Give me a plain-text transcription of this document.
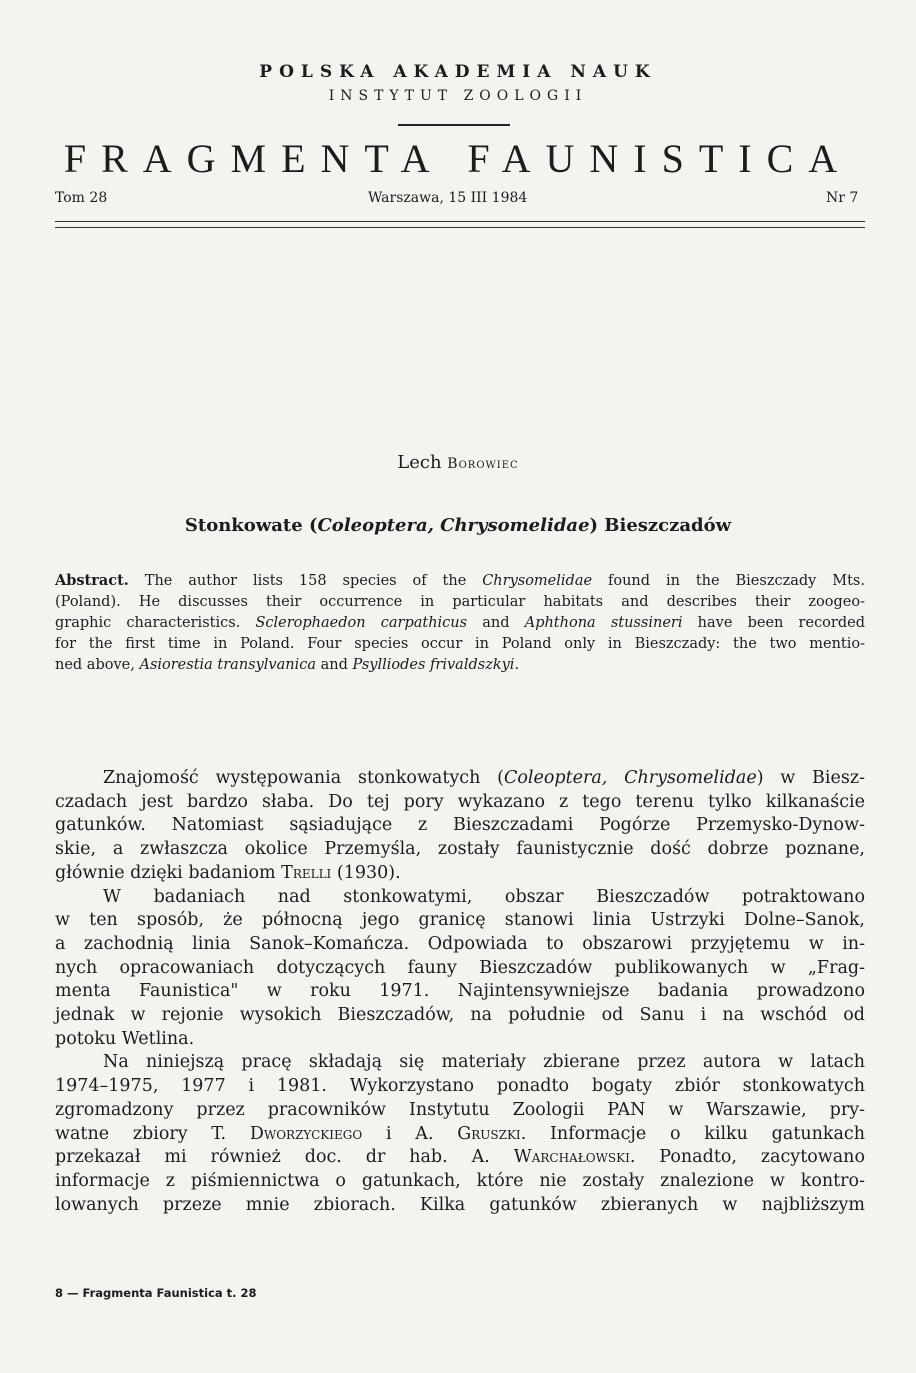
POLSKA AKADEMIA NAUK
INSTYTUT ZOOLOGII
FRAGMENTA FAUNISTICA
Tom 28	Warszawa, 15 III 1984	Nr 7
Lech Borowiec
Stonkowate (Coleoptera, Chrysomelidae) Bieszczadów
Abstract. The author lists 158 species of the Chrysomelidae found in the Bieszczady Mts.
(Poland). He discusses their occurrence in particular habitats and describes their zoogeo-
graphic characteristics. Sclerophaedon carpathicus and Aphthona stussineri have been recorded
for the first time in Poland. Four species occur in Poland only in Bieszczady: the two mentio-
ned above, Asiorestia transylvanica and Psylliodes frivaldszkyi.
Znajomość występowania stonkowatych (Coleoptera, Chrysomelidae) w Biesz-
czadach jest bardzo słaba. Do tej pory wykazano z tego terenu tylko kilkanaście
gatunków. Natomiast sąsiadujące z Bieszczadami Pogórze Przemysko-Dynow-
skie, a zwłaszcza okolice Przemyśla, zostały faunistycznie dość dobrze poznane,
głównie dzięki badaniom Trelli (1930).
W badaniach nad stonkowatymi, obszar Bieszczadów potraktowano
w ten sposób, że północną jego granicę stanowi linia Ustrzyki Dolne–Sanok,
a zachodnią linia Sanok–Komańcza. Odpowiada to obszarowi przyjętemu w in-
nych opracowaniach dotyczących fauny Bieszczadów publikowanych w „Frag-
menta Faunistica" w roku 1971. Najintensywniejsze badania prowadzono
jednak w rejonie wysokich Bieszczadów, na południe od Sanu i na wschód od
potoku Wetlina.
Na niniejszą pracę składają się materiały zbierane przez autora w latach
1974–1975, 1977 i 1981. Wykorzystano ponadto bogaty zbiór stonkowatych
zgromadzony przez pracowników Instytutu Zoologii PAN w Warszawie, pry-
watne zbiory T. Dworzyckiego i A. Gruszki. Informacje o kilku gatunkach
przekazał mi również doc. dr hab. A. Warchałowski. Ponadto, zacytowano
informacje z piśmiennictwa o gatunkach, które nie zostały znalezione w kontro-
lowanych przeze mnie zbiorach. Kilka gatunków zbieranych w najbliższym
8 — Fragmenta Faunistica t. 28
